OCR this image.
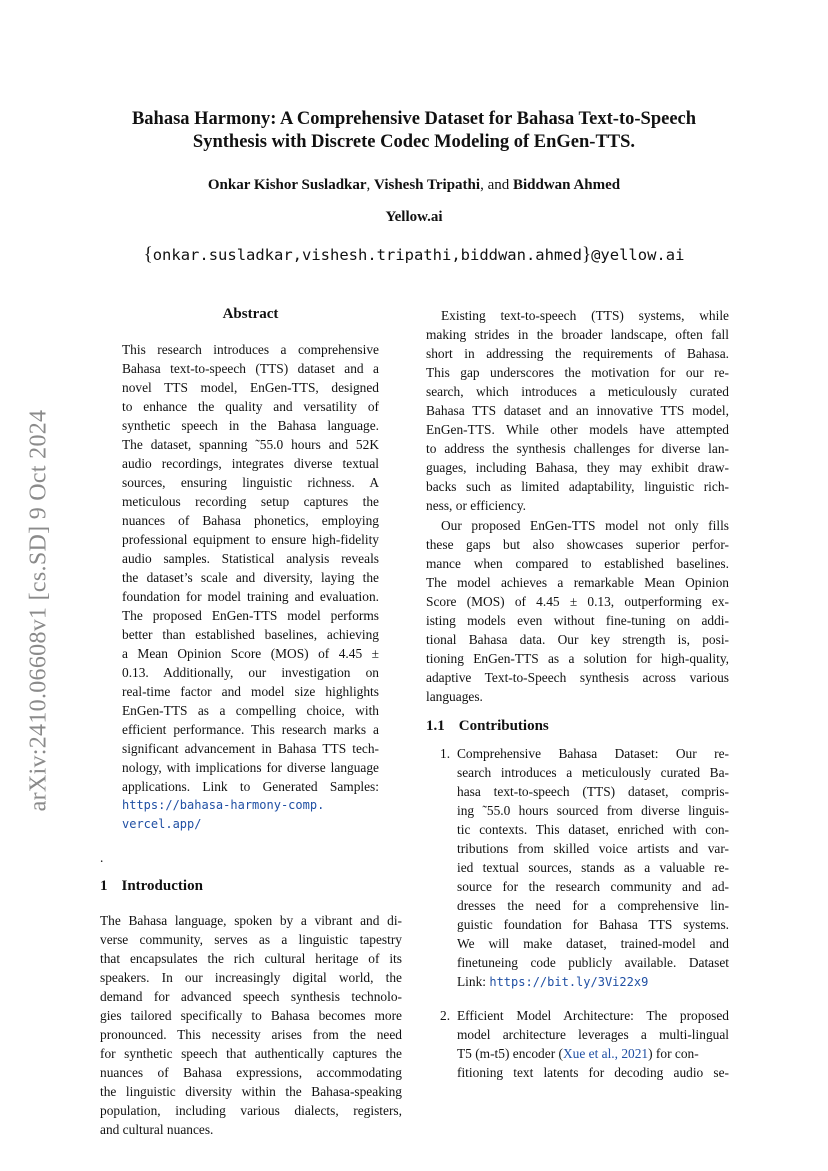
arXiv:2410.06608v1 [cs.SD] 9 Oct 2024
Bahasa Harmony: A Comprehensive Dataset for Bahasa Text-to-Speech
Synthesis with Discrete Codec Modeling of EnGen-TTS.
Onkar Kishor Susladkar, Vishesh Tripathi, and Biddwan Ahmed
Yellow.ai
{onkar.susladkar,vishesh.tripathi,biddwan.ahmed}@yellow.ai
Abstract
This research introduces a comprehensive
Bahasa text-to-speech (TTS) dataset and a
novel TTS model, EnGen-TTS, designed
to enhance the quality and versatility of
synthetic speech in the Bahasa language.
The dataset, spanning ˜55.0 hours and 52K
audio recordings, integrates diverse textual
sources, ensuring linguistic richness. A
meticulous recording setup captures the
nuances of Bahasa phonetics, employing
professional equipment to ensure high-fidelity
audio samples. Statistical analysis reveals
the dataset’s scale and diversity, laying the
foundation for model training and evaluation.
The proposed EnGen-TTS model performs
better than established baselines, achieving
a Mean Opinion Score (MOS) of 4.45 ±
0.13. Additionally, our investigation on
real-time factor and model size highlights
EnGen-TTS as a compelling choice, with
efficient performance. This research marks a
significant advancement in Bahasa TTS tech-
nology, with implications for diverse language
applications. Link to Generated Samples:
https://bahasa-harmony-comp.
vercel.app/
.
1 Introduction
The Bahasa language, spoken by a vibrant and di-
verse community, serves as a linguistic tapestry
that encapsulates the rich cultural heritage of its
speakers. In our increasingly digital world, the
demand for advanced speech synthesis technolo-
gies tailored specifically to Bahasa becomes more
pronounced. This necessity arises from the need
for synthetic speech that authentically captures the
nuances of Bahasa expressions, accommodating
the linguistic diversity within the Bahasa-speaking
population, including various dialects, registers,
and cultural nuances.
Existing text-to-speech (TTS) systems, while
making strides in the broader landscape, often fall
short in addressing the requirements of Bahasa.
This gap underscores the motivation for our re-
search, which introduces a meticulously curated
Bahasa TTS dataset and an innovative TTS model,
EnGen-TTS. While other models have attempted
to address the synthesis challenges for diverse lan-
guages, including Bahasa, they may exhibit draw-
backs such as limited adaptability, linguistic rich-
ness, or efficiency.
Our proposed EnGen-TTS model not only fills
these gaps but also showcases superior perfor-
mance when compared to established baselines.
The model achieves a remarkable Mean Opinion
Score (MOS) of 4.45 ± 0.13, outperforming ex-
isting models even without fine-tuning on addi-
tional Bahasa data. Our key strength is, posi-
tioning EnGen-TTS as a solution for high-quality,
adaptive Text-to-Speech synthesis across various
languages.
1.1 Contributions
1. Comprehensive Bahasa Dataset: Our re-
search introduces a meticulously curated Ba-
hasa text-to-speech (TTS) dataset, compris-
ing ˜55.0 hours sourced from diverse linguis-
tic contexts. This dataset, enriched with con-
tributions from skilled voice artists and var-
ied textual sources, stands as a valuable re-
source for the research community and ad-
dresses the need for a comprehensive lin-
guistic foundation for Bahasa TTS systems.
We will make dataset, trained-model and
finetuneing code publicly available. Dataset
Link: https://bit.ly/3Vi22x9
2. Efficient Model Architecture: The proposed
model architecture leverages a multi-lingual
T5 (m-t5) encoder (Xue et al., 2021) for con-
fitioning text latents for decoding audio se-
